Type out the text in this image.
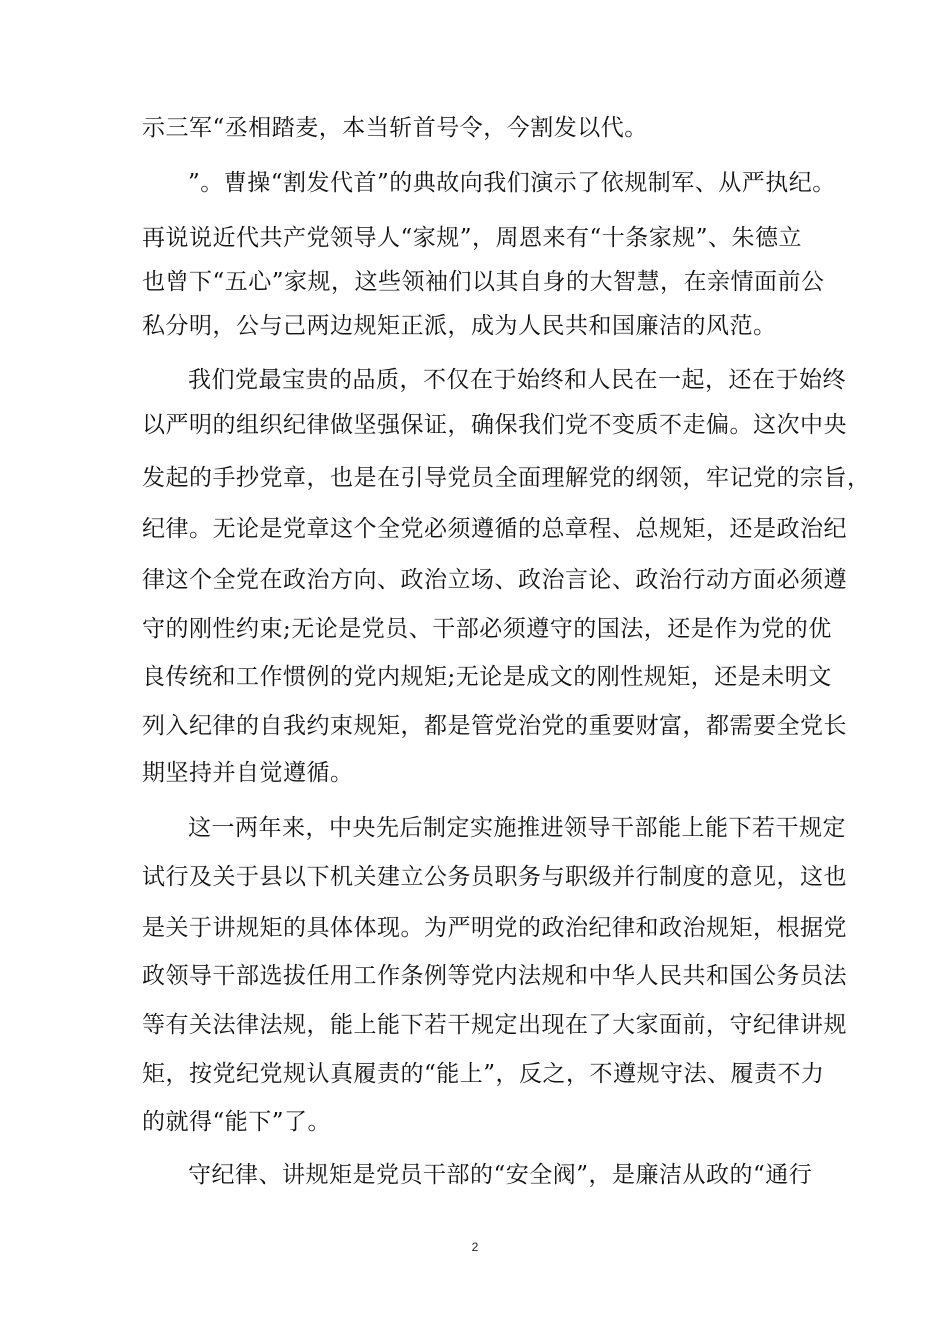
示三军“丞相踏麦，本当斩首号令，今割发以代。
”。曹操“割发代首”的典故向我们演示了依规制军、从严执纪。
再说说近代共产党领导人“家规”，周恩来有“十条家规”、朱德立
也曾下“五心”家规，这些领袖们以其自身的大智慧，在亲情面前公
私分明，公与己两边规矩正派，成为人民共和国廉洁的风范。
我们党最宝贵的品质，不仅在于始终和人民在一起，还在于始终
以严明的组织纪律做坚强保证，确保我们党不变质不走偏。这次中央
发起的手抄党章，也是在引导党员全面理解党的纲领，牢记党的宗旨，
纪律。无论是党章这个全党必须遵循的总章程、总规矩，还是政治纪
律这个全党在政治方向、政治立场、政治言论、政治行动方面必须遵
守的刚性约束;无论是党员、干部必须遵守的国法，还是作为党的优
良传统和工作惯例的党内规矩;无论是成文的刚性规矩，还是未明文
列入纪律的自我约束规矩，都是管党治党的重要财富，都需要全党长
期坚持并自觉遵循。
这一两年来，中央先后制定实施推进领导干部能上能下若干规定
试行及关于县以下机关建立公务员职务与职级并行制度的意见，这也
是关于讲规矩的具体体现。为严明党的政治纪律和政治规矩，根据党
政领导干部选拔任用工作条例等党内法规和中华人民共和国公务员法
等有关法律法规，能上能下若干规定出现在了大家面前，守纪律讲规
矩，按党纪党规认真履责的“能上”，反之，不遵规守法、履责不力
的就得“能下”了。
守纪律、讲规矩是党员干部的“安全阀”，是廉洁从政的“通行
2
